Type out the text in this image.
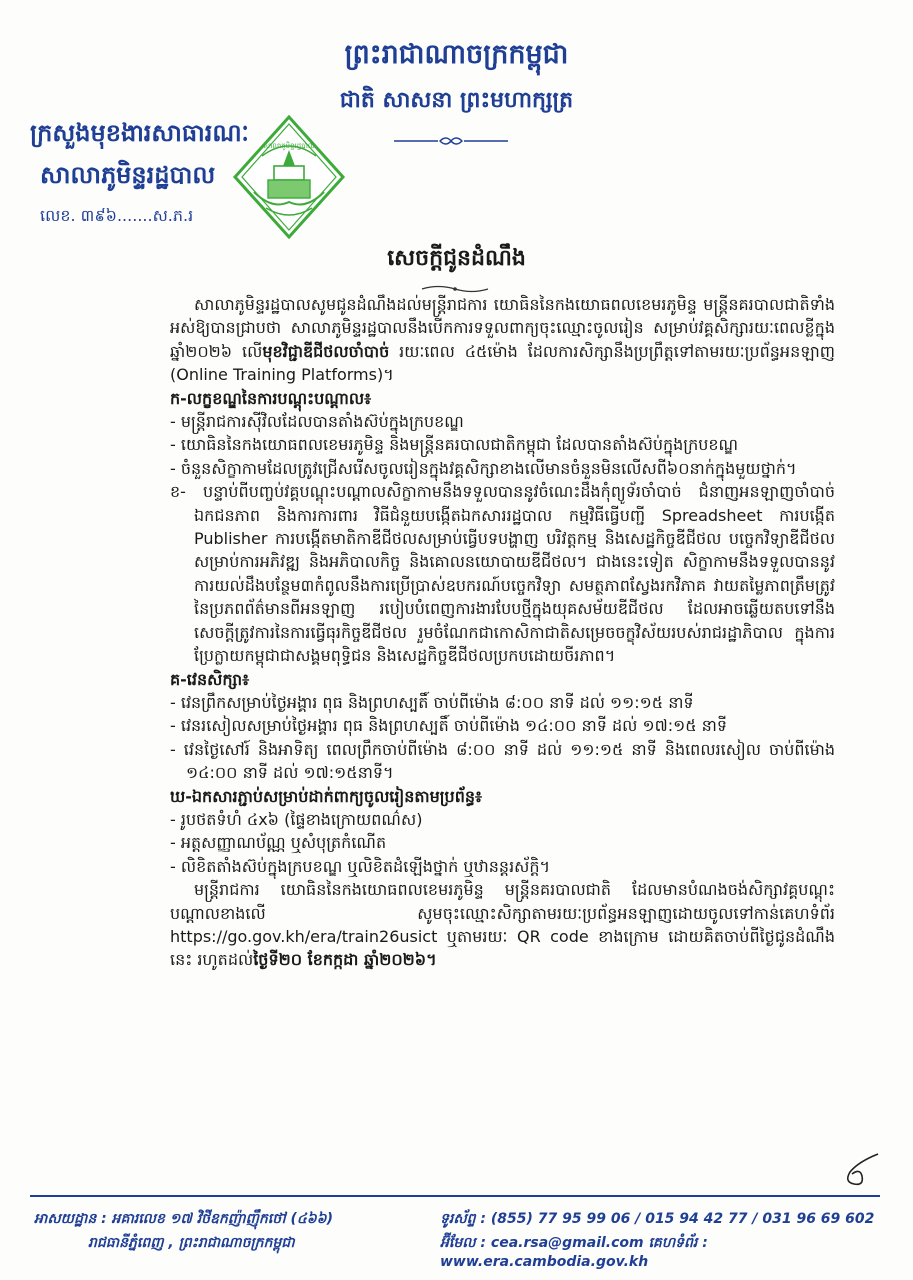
ព្រះរាជាណាចក្រកម្ពុជា
ជាតិ សាសនា ព្រះមហាក្សត្រ
ក្រសួងមុខងារសាធារណៈ
សាលាភូមិន្ទរដ្ឋបាល
លេខ. ៣៩៦.......ស.ភ.រ
សាលាភូមិន្ទរដ្ឋបាល
សេចក្តីជូនដំណឹង

សាលាភូមិន្ទរដ្ឋបាលសូមជូនដំណឹងដល់មន្ត្រីរាជការ យោធិននៃកងយោធពលខេមរភូមិន្ទ មន្ត្រីនគរបាលជាតិទាំងអស់ឱ្យបានជ្រាបថា សាលាភូមិន្ទរដ្ឋបាលនឹងបើកការទទួលពាក្យចុះឈ្មោះចូលរៀន សម្រាប់វគ្គសិក្សារយៈពេលខ្លីក្នុងឆ្នាំ២០២៦ លើមុខវិជ្ជាឌីជីថលចាំបាច់ រយៈពេល ៤៥ម៉ោង ដែលការសិក្សានឹងប្រព្រឹត្តទៅតាមរយៈប្រព័ន្ធអនឡាញ (Online Training Platforms)។

ក-លក្ខខណ្ឌនៃការបណ្តុះបណ្តាល៖

- មន្ត្រីរាជការស៊ីវិលដែលបានតាំងស៊ប់ក្នុងក្របខណ្ឌ

- យោធិននៃកងយោធពលខេមរភូមិន្ទ និងមន្ត្រីនគរបាលជាតិកម្ពុជា ដែលបានតាំងស៊ប់ក្នុងក្របខណ្ឌ

- ចំនួនសិក្ខាកាមដែលត្រូវជ្រើសរើសចូលរៀនក្នុងវគ្គសិក្សាខាងលើមានចំនួនមិនលើសពី៦០នាក់ក្នុងមួយថ្នាក់។

ខ- បន្ទាប់ពីបញ្ចប់វគ្គបណ្តុះបណ្តាលសិក្ខាកាមនឹងទទួលបាននូវចំណេះដឹងកុំព្យូទ័រចាំបាច់ ជំនាញអនឡាញចាំបាច់ ឯកជនភាព និងការការពារ វិធីជំនួយបង្កើតឯកសាររដ្ឋបាល កម្មវិធីធ្វើបញ្ជី Spreadsheet ការបង្កើត Publisher ការបង្កើតមាតិកាឌីជីថលសម្រាប់ធ្វើបទបង្ហាញ បរិវត្តកម្ម និងសេដ្ឋកិច្ចឌីជីថល បច្ចេកវិទ្យាឌីជីថលសម្រាប់ការអភិវឌ្ឍ និងអភិបាលកិច្ច និងគោលនយោបាយឌីជីថល។ ជាងនេះទៀត សិក្ខាកាមនឹងទទួលបាននូវការយល់ដឹងបន្ថែម៣កំពូលនឹងការប្រើប្រាស់ឧបករណ៍បច្ចេកវិទ្យា សមត្ថភាពស្វែងរកវិភាគ វាយតម្លៃភាពត្រឹមត្រូវនៃប្រភពព័ត៌មានពីអនឡាញ របៀបបំពេញការងារបែបថ្មីក្នុងយុគសម័យឌីជីថល ដែលអាចឆ្លើយតបទៅនឹងសេចក្តីត្រូវការនៃការធ្វើធុរកិច្ចឌីជីថល រួមចំណែកជាកោសិកាជាតិសម្រេចចក្ខុវិស័យរបស់រាជរដ្ឋាភិបាល ក្នុងការប្រែក្លាយកម្ពុជាជាសង្គមពុទ្ធិជន និងសេដ្ឋកិច្ចឌីជីថលប្រកបដោយចីរភាព។

គ-វេនសិក្សា៖

- វេនព្រឹកសម្រាប់ថ្ងៃអង្គារ ពុធ និងព្រហស្បតិ៍ ចាប់ពីម៉ោង ៨:០០ នាទី ដល់ ១១:១៥ នាទី

- វេនរសៀលសម្រាប់ថ្ងៃអង្គារ ពុធ និងព្រហស្បតិ៍ ចាប់ពីម៉ោង ១៤:០០ នាទី ដល់ ១៧:១៥ នាទី

- វេនថ្ងៃសៅរ៍ និងអាទិត្យ ពេលព្រឹកចាប់ពីម៉ោង ៨:០០ នាទី ដល់ ១១:១៥ នាទី និងពេលរសៀល ចាប់ពីម៉ោង ១៤:០០ នាទី ដល់ ១៧:១៥នាទី។

ឃ-ឯកសារភ្ជាប់សម្រាប់ដាក់ពាក្យចូលរៀនតាមប្រព័ន្ធ៖

- រូបថតទំហំ ៤x៦ (ផ្ទៃខាងក្រោយពណ៌ស)

- អត្តសញ្ញាណប័ណ្ណ ឬសំបុត្រកំណើត

- លិខិតតាំងស៊ប់ក្នុងក្របខណ្ឌ ឬលិខិតដំឡើងថ្នាក់ ឬឋានន្តរស័ក្តិ។

មន្ត្រីរាជការ យោធិននៃកងយោធពលខេមរភូមិន្ទ មន្ត្រីនគរបាលជាតិ ដែលមានបំណងចង់សិក្សាវគ្គបណ្តុះបណ្តាលខាងលើ សូមចុះឈ្មោះសិក្សាតាមរយៈប្រព័ន្ធអនឡាញដោយចូលទៅកាន់គេហទំព័រ https://go.gov.kh/era/train26usict ឬតាមរយៈ QR code ខាងក្រោម ដោយគិតចាប់ពីថ្ងៃជូនដំណឹងនេះ រហូតដល់ថ្ងៃទី២០ ខែកក្កដា ឆ្នាំ២០២៦។

អាសយដ្ឋាន : អគារលេខ ១៧ វិថីឧកញ៉ាញ៉ឹកថៅ (៤៦៦)
រាជធានីភ្នំពេញ , ព្រះរាជាណាចក្រកម្ពុជា
ទូរស័ព្ទ : (855) 77 95 99 06 / 015 94 42 77 / 031 96 69 602
អ៊ីមែល : cea.rsa@gmail.com គេហទំព័រ : www.era.cambodia.gov.kh
